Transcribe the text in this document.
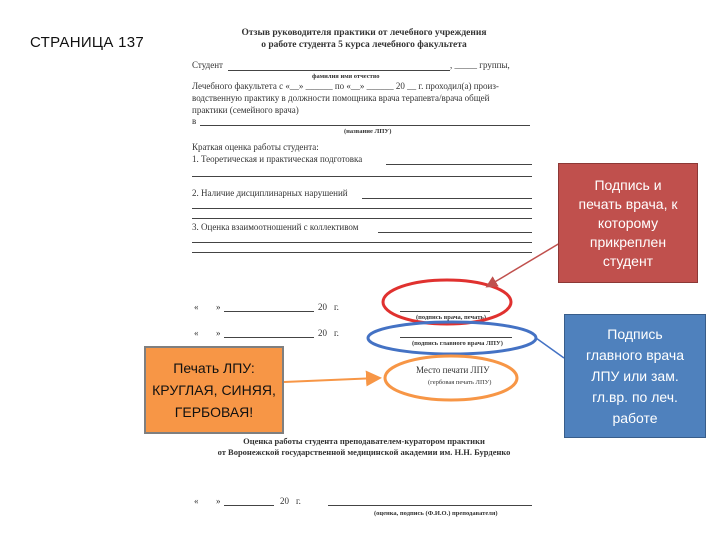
СТРАНИЦА 137
Отзыв руководителя практики от лечебного учреждения
о работе студента 5 курса лечебного факультета
Студент	, _____ группы,
фамилия имя отчество
Лечебного факультета с «__» ______ по «__» ______ 20 __ г. проходил(а) произ-
водственную практику в должности помощника врача терапевта/врача общей
практики (семейного врача)
в
(название ЛПУ)
Краткая оценка работы студента:
1. Теоретическая и практическая подготовка
2. Наличие дисциплинарных нарушений
3. Оценка взаимоотношений с коллективом
« »	20 г.
(подпись врача, печать)
« »	20 г.
(подпись главного врача ЛПУ)
Место печати ЛПУ
(гербовая печать ЛПУ)
Оценка работы студента преподавателем-куратором практики
от Воронежской государственной медицинской академии им. Н.Н. Бурденко
« »	20 г.
(оценка, подпись (Ф.И.О.) преподавателя)
Подпись и
печать врача, к
которому
прикреплен
студент
Подпись
главного врача
ЛПУ или зам.
гл.вр. по леч.
работе
Печать ЛПУ:
КРУГЛАЯ, СИНЯЯ,
ГЕРБОВАЯ!
